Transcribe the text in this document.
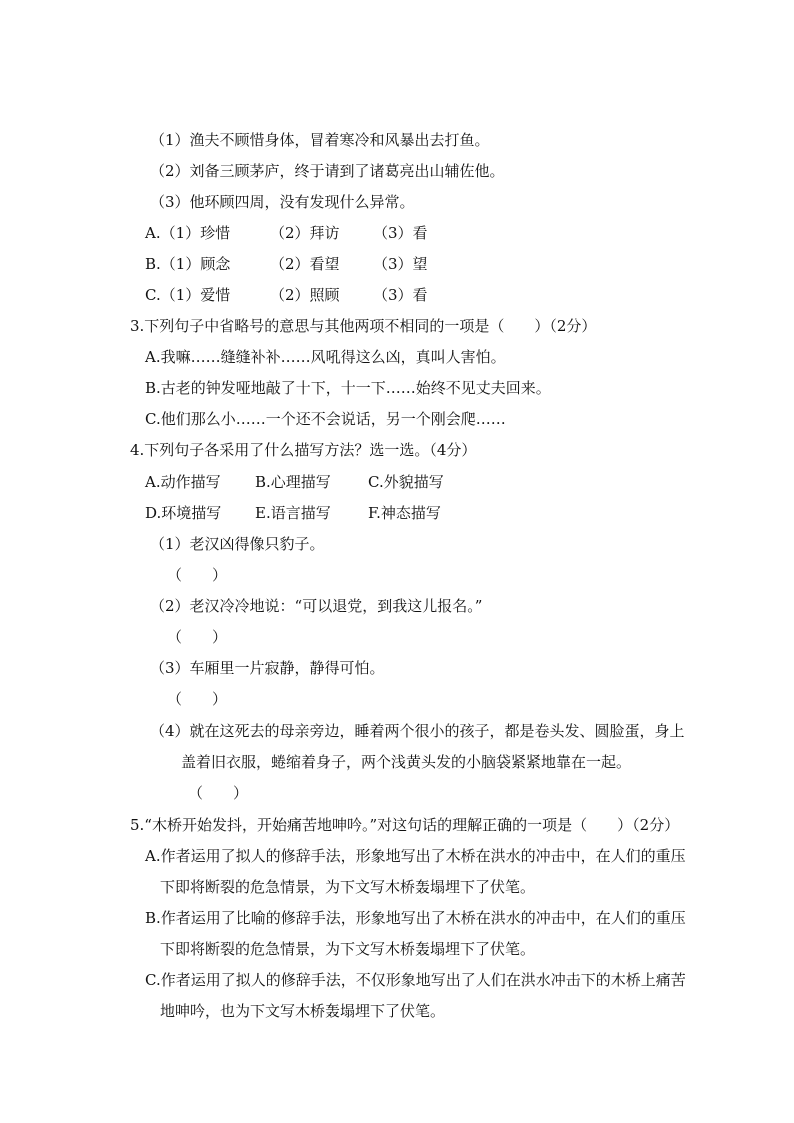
（1）渔夫不顾惜身体，冒着寒冷和风暴出去打鱼。
（2）刘备三顾茅庐，终于请到了诸葛亮出山辅佐他。
（3）他环顾四周，没有发现什么异常。
A.（1）珍惜	（2）拜访 （3）看
B.（1）顾念	（2）看望 （3）望
C.（1）爱惜	（2）照顾 （3）看
3.下列句子中省略号的意思与其他两项不相同的一项是（　　）（2分）
A.我嘛……缝缝补补……风吼得这么凶，真叫人害怕。
B.古老的钟发哑地敲了十下，十一下……始终不见丈夫回来。
C.他们那么小……一个还不会说话，另一个刚会爬……
4.下列句子各采用了什么描写方法？选一选。（4分）
A.动作描写 B.心理描写 C.外貌描写
D.环境描写 E.语言描写 F.神态描写
（1）老汉凶得像只豹子。
（　　）
（2）老汉冷冷地说：“可以退党，到我这儿报名。”
（　　）
（3）车厢里一片寂静，静得可怕。
（　　）
（4）就在这死去的母亲旁边，睡着两个很小的孩子，都是卷头发、圆脸蛋，身上
盖着旧衣服，蜷缩着身子，两个浅黄头发的小脑袋紧紧地靠在一起。
（　　）
5.“木桥开始发抖，开始痛苦地呻吟。”对这句话的理解正确的一项是（　　）（2分）
A.作者运用了拟人的修辞手法，形象地写出了木桥在洪水的冲击中，在人们的重压
下即将断裂的危急情景，为下文写木桥轰塌埋下了伏笔。
B.作者运用了比喻的修辞手法，形象地写出了木桥在洪水的冲击中，在人们的重压
下即将断裂的危急情景，为下文写木桥轰塌埋下了伏笔。
C.作者运用了拟人的修辞手法，不仅形象地写出了人们在洪水冲击下的木桥上痛苦
地呻吟，也为下文写木桥轰塌埋下了伏笔。
